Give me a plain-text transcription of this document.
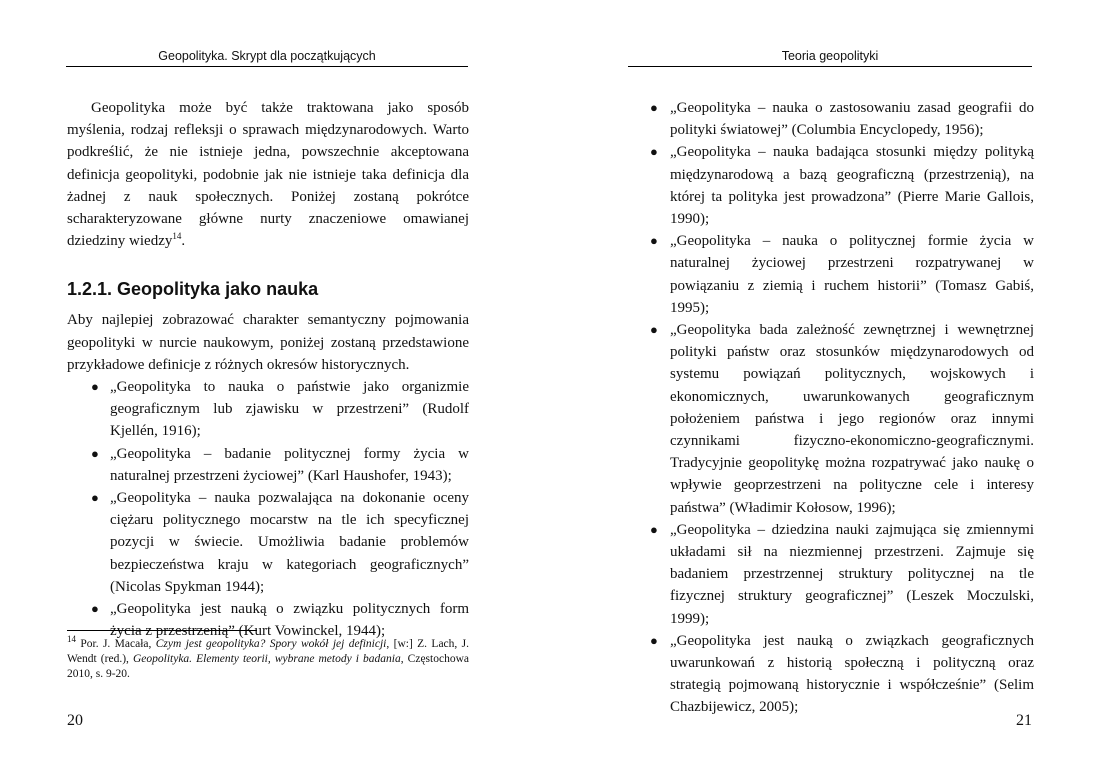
Geopolityka. Skrypt dla początkujących

Geopolityka może być także traktowana jako sposób myślenia, rodzaj refleksji o sprawach międzynarodowych. Warto podkreślić, że nie istnieje jedna, powszechnie akceptowana definicja geopolityki, podobnie jak nie istnieje taka definicja dla żadnej z nauk społecznych. Poniżej zostaną pokrótce scharakteryzowane główne nurty znaczeniowe omawianej dziedziny wiedzy$^{14}$.

1.2.1. Geopolityka jako nauka

Aby najlepiej zobrazować charakter semantyczny pojmowania geopolityki w nurcie naukowym, poniżej zostaną przedstawione przykładowe definicje z różnych okresów historycznych.

● „Geopolityka to nauka o państwie jako organizmie geograficznym lub zjawisku w przestrzeni” (Rudolf Kjellén, 1916);
● „Geopolityka – badanie politycznej formy życia w naturalnej przestrzeni życiowej” (Karl Haushofer, 1943);
● „Geopolityka – nauka pozwalająca na dokonanie oceny ciężaru politycznego mocarstw na tle ich specyficznej pozycji w świecie. Umożliwia badanie problemów bezpieczeństwa kraju w kategoriach geograficznych” (Nicolas Spykman 1944);
● „Geopolityka jest nauką o związku politycznych form życia z przestrzenią” (Kurt Vowinckel, 1944);
$^{14}$ Por. J. Macała, Czym jest geopolityka? Spory wokół jej definicji, [w:] Z. Lach, J. Wendt (red.), Geopolityka. Elementy teorii, wybrane metody i badania, Częstochowa 2010, s. 9-20.
20
Teoria geopolityki
● „Geopolityka – nauka o zastosowaniu zasad geografii do polityki światowej” (Columbia Encyclopedy, 1956);
● „Geopolityka – nauka badająca stosunki między polityką międzynarodową a bazą geograficzną (przestrzenią), na której ta polityka jest prowadzona” (Pierre Marie Gallois, 1990);
● „Geopolityka – nauka o politycznej formie życia w naturalnej życiowej przestrzeni rozpatrywanej w powiązaniu z ziemią i ruchem historii” (Tomasz Gabiś, 1995);
● „Geopolityka bada zależność zewnętrznej i wewnętrznej polityki państw oraz stosunków międzynarodowych od systemu powiązań politycznych, wojskowych i ekonomicznych, uwarunkowanych geograficznym położeniem państwa i jego regionów oraz innymi czynnikami fizyczno-ekonomiczno-geograficznymi. Tradycyjnie geopolitykę można rozpatrywać jako naukę o wpływie geoprzestrzeni na polityczne cele i interesy państwa” (Władimir Kołosow, 1996);
● „Geopolityka – dziedzina nauki zajmująca się zmiennymi układami sił na niezmiennej przestrzeni. Zajmuje się badaniem przestrzennej struktury politycznej na tle fizycznej struktury geograficznej” (Leszek Moczulski, 1999);
● „Geopolityka jest nauką o związkach geograficznych uwarunkowań z historią społeczną i polityczną oraz strategią pojmowaną historycznie i współcześnie” (Selim Chazbijewicz, 2005);
21
